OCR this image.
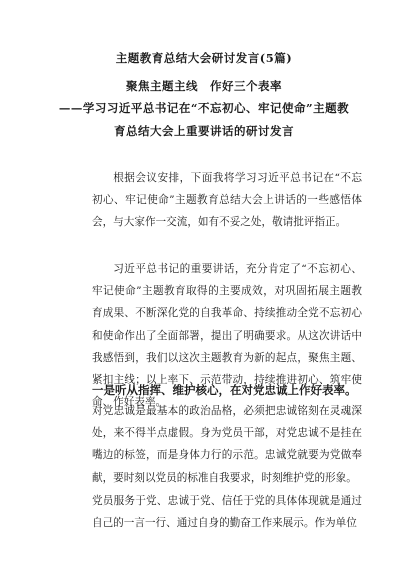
主题教育总结大会研讨发言(5篇)
聚焦主题主线　作好三个表率
——学习习近平总书记在“不忘初心、牢记使命”主题教
育总结大会上重要讲话的研讨发言

根据会议安排，下面我将学习习近平总书记在“不忘初心、牢记使命”主题教育总结大会上讲话的一些感悟体会，与大家作一交流，如有不妥之处，敬请批评指正。

习近平总书记的重要讲话，充分肯定了“不忘初心、牢记使命”主题教育取得的主要成效，对巩固拓展主题教育成果、不断深化党的自我革命、持续推动全党不忘初心和使命作出了全面部署，提出了明确要求。从这次讲话中我感悟到，我们以这次主题教育为新的起点，聚焦主题、紧扣主线；以上率下、示范带动，持续推进初心、筑牢使命、作好表率。

一是听从指挥、维护核心，在对党忠诚上作好表率。

对党忠诚是最基本的政治品格，必须把忠诚铭刻在灵魂深处，来不得半点虚假。身为党员干部，对党忠诚不是挂在嘴边的标签，而是身体力行的示范。忠诚党就要为党做奉献，要时刻以党员的标准自我要求，时刻维护党的形象。

党员服务于党、忠诚于党、信任于党的具体体现就是通过自己的一言一行、通过自身的勤奋工作来展示。作为单位
